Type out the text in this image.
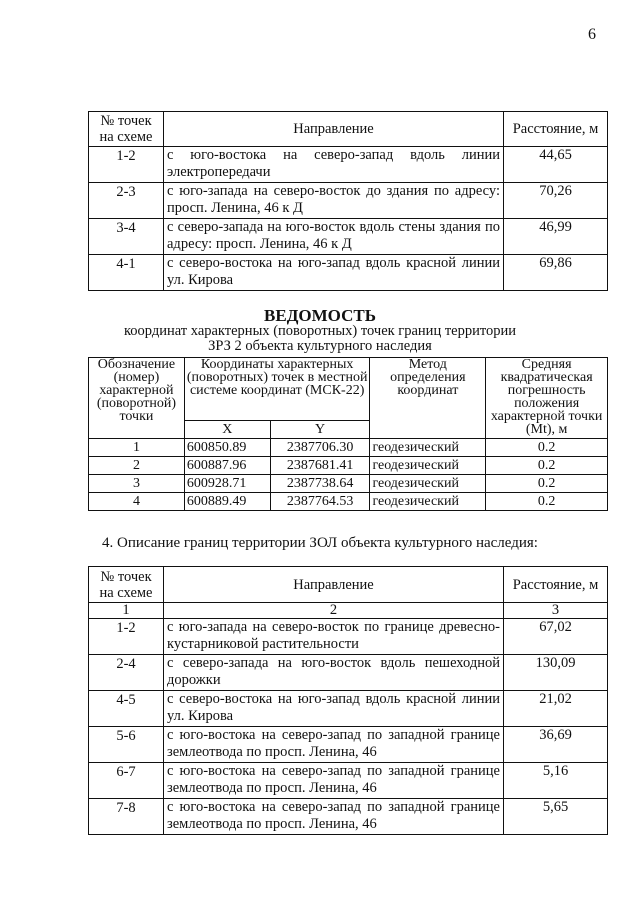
6
№ точек на схеме	Направление	Расстояние, м
1-2	с юго-востока на северо-запад вдоль линии электропередачи	44,65
2-3	с юго-запада на северо-восток до здания по адресу: просп. Ленина, 46 к Д	70,26
3-4	с северо-запада на юго-восток вдоль стены здания по адресу: просп. Ленина, 46 к Д	46,99
4-1	с северо-востока на юго-запад вдоль красной линии ул. Кирова	69,86
ВЕДОМОСТЬ
координат характерных (поворотных) точек границ территории
ЗРЗ 2 объекта культурного наследия
Обозначение (номер) характерной (поворотной) точки	Координаты характерных (поворотных) точек в местной системе координат (МСК-22)		Метод определения координат	Средняя квадратическая погрешность положения характерной точки (Mt), м
	X	Y		
1	600850.89	2387706.30	геодезический	0.2
2	600887.96	2387681.41	геодезический	0.2
3	600928.71	2387738.64	геодезический	0.2
4	600889.49	2387764.53	геодезический	0.2
4. Описание границ территории ЗОЛ объекта культурного наследия:
№ точек на схеме	Направление	Расстояние, м
1	2	3
1-2	с юго-запада на северо-восток по границе древесно-кустарниковой растительности	67,02
2-4	с северо-запада на юго-восток вдоль пешеходной дорожки	130,09
4-5	с северо-востока на юго-запад вдоль красной линии ул. Кирова	21,02
5-6	с юго-востока на северо-запад по западной границе землеотвода по просп. Ленина, 46	36,69
6-7	с юго-востока на северо-запад по западной границе землеотвода по просп. Ленина, 46	5,16
7-8	с юго-востока на северо-запад по западной границе землеотвода по просп. Ленина, 46	5,65
